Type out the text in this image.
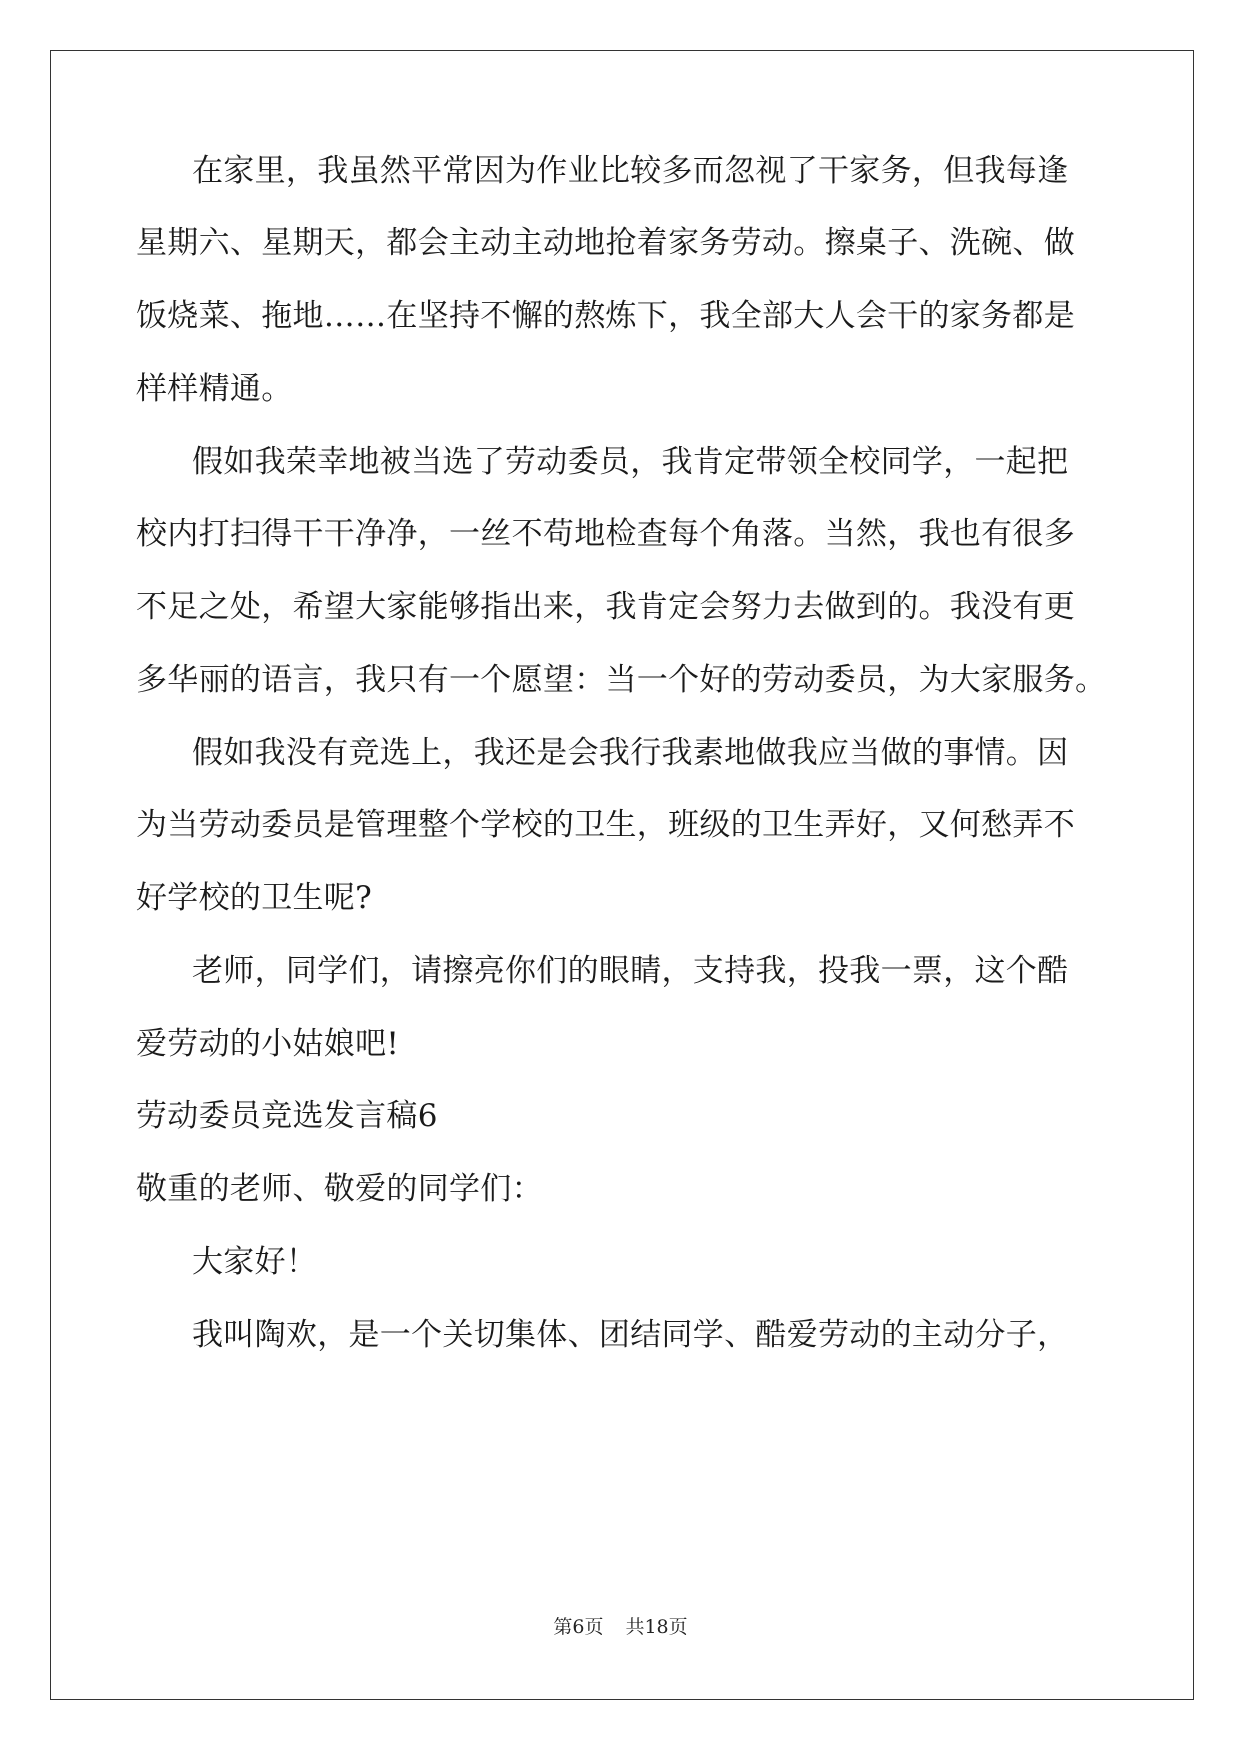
在家里，我虽然平常因为作业比较多而忽视了干家务，但我每逢
星期六、星期天，都会主动主动地抢着家务劳动。擦桌子、洗碗、做
饭烧菜、拖地……在坚持不懈的熬炼下，我全部大人会干的家务都是
样样精通。
假如我荣幸地被当选了劳动委员，我肯定带领全校同学，一起把
校内打扫得干干净净，一丝不苟地检查每个角落。当然，我也有很多
不足之处，希望大家能够指出来，我肯定会努力去做到的。我没有更
多华丽的语言，我只有一个愿望：当一个好的劳动委员，为大家服务。
假如我没有竞选上，我还是会我行我素地做我应当做的事情。因
为当劳动委员是管理整个学校的卫生，班级的卫生弄好，又何愁弄不
好学校的卫生呢?
老师，同学们，请擦亮你们的眼睛，支持我，投我一票，这个酷
爱劳动的小姑娘吧!
劳动委员竞选发言稿6
敬重的老师、敬爱的同学们：
大家好！
我叫陶欢，是一个关切集体、团结同学、酷爱劳动的主动分子，
第6页 共18页
